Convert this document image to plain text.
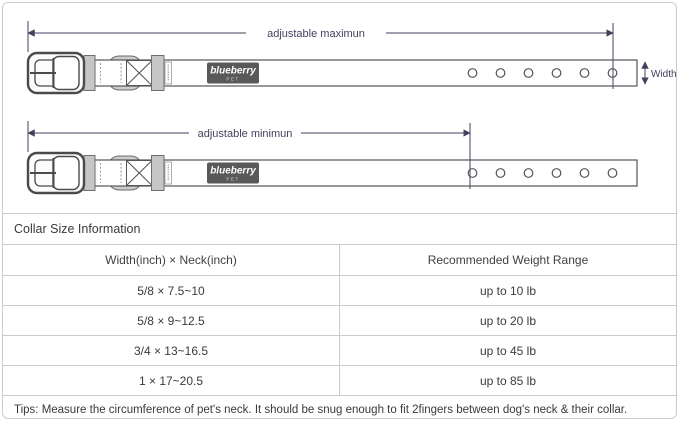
adjustable maximun
adjustable minimun
Width
Collar Size Information
Width(inch) × Neck(inch)	Recommended Weight Range
5/8 × 7.5~10	up to 10 lb
5/8 × 9~12.5	up to 20 lb
3/4 × 13~16.5	up to 45 lb
1 × 17~20.5	up to 85 lb
Tips: Measure the circumference of pet's neck. It should be snug enough to fit 2fingers between dog's neck & their collar.
